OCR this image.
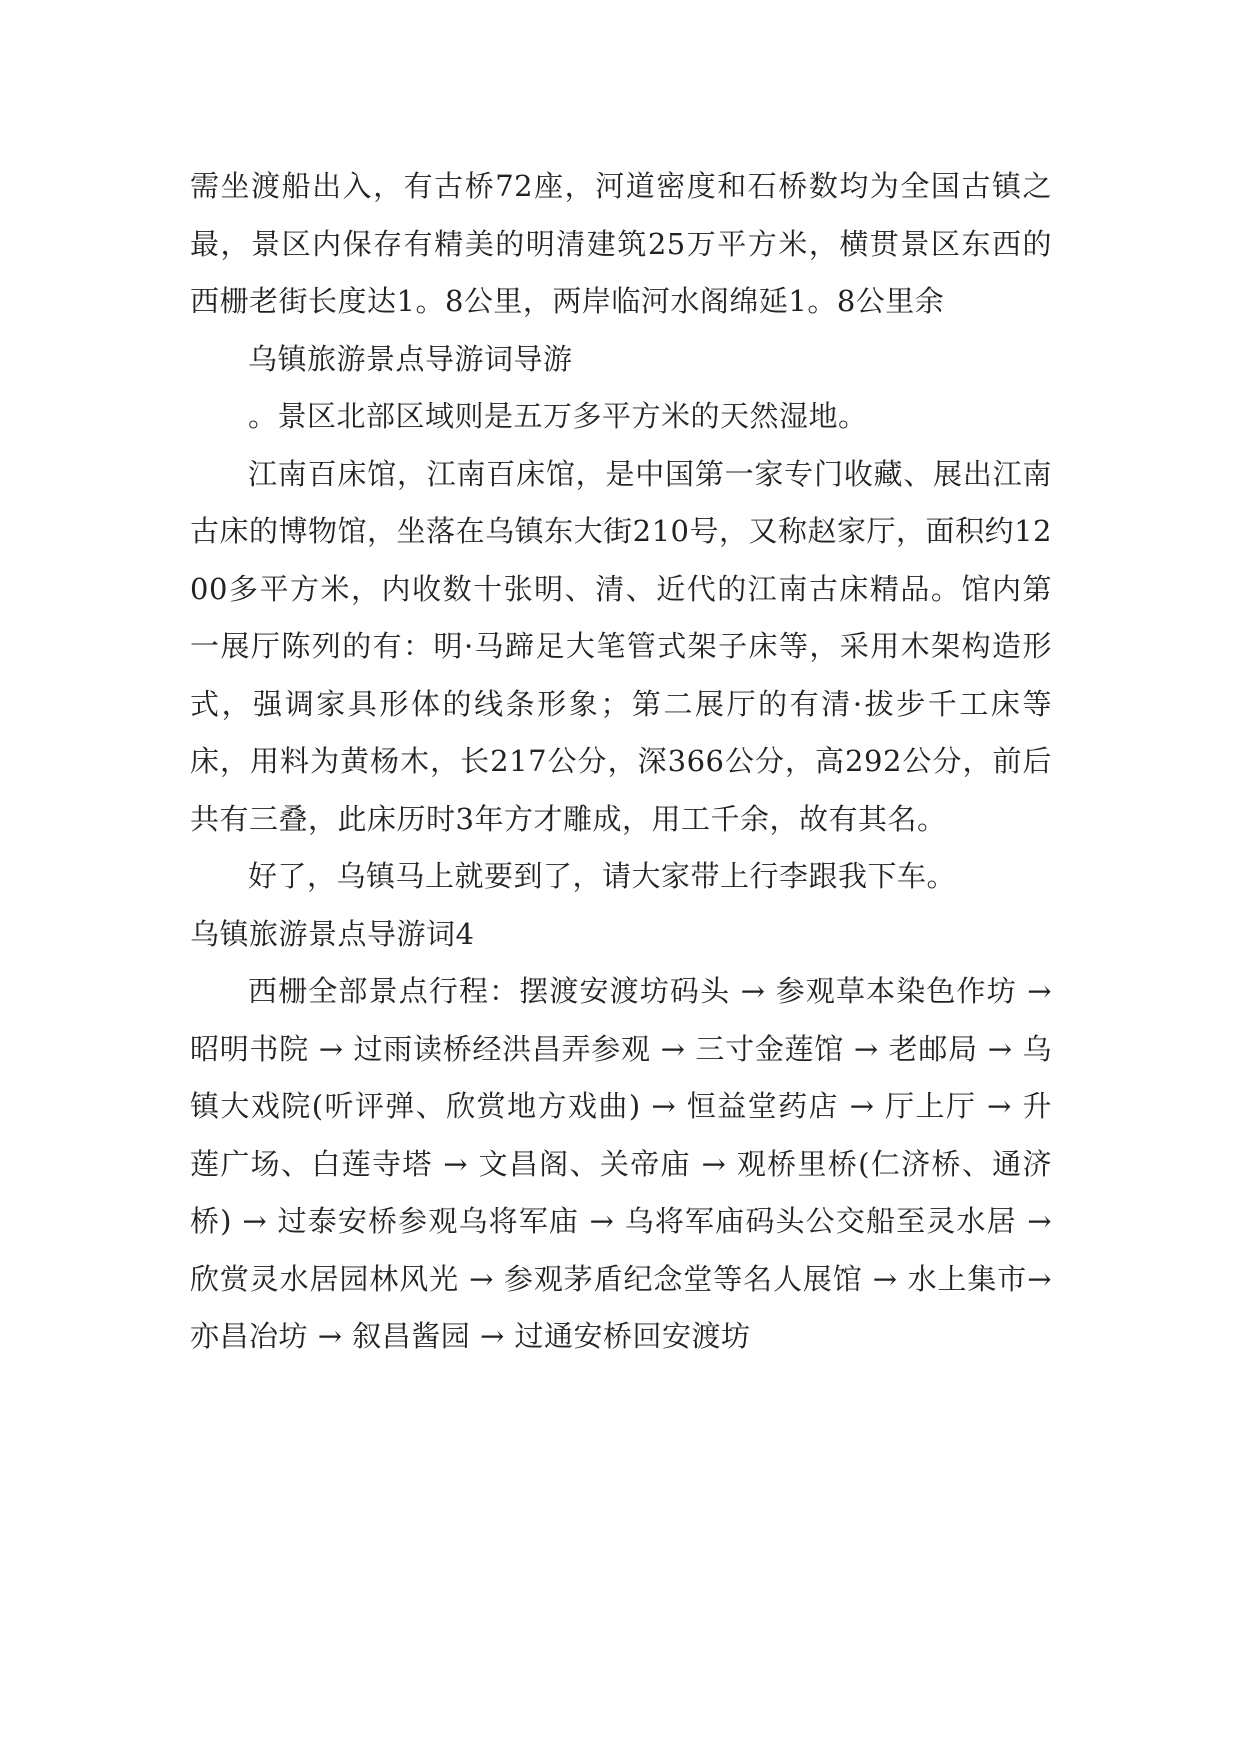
需坐渡船出入，有古桥72座，河道密度和石桥数均为全国古镇之最，景区内保存有精美的明清建筑25万平方米，横贯景区东西的西栅老街长度达1。8公里，两岸临河水阁绵延1。8公里余

乌镇旅游景点导游词导游

。景区北部区域则是五万多平方米的天然湿地。

江南百床馆，江南百床馆，是中国第一家专门收藏、展出江南古床的博物馆，坐落在乌镇东大街210号，又称赵家厅，面积约1200多平方米，内收数十张明、清、近代的江南古床精品。馆内第一展厅陈列的有：明·马蹄足大笔管式架子床等，采用木架构造形式，强调家具形体的线条形象；第二展厅的有清·拔步千工床等床，用料为黄杨木，长217公分，深366公分，高292公分，前后共有三叠，此床历时3年方才雕成，用工千余，故有其名。

好了，乌镇马上就要到了，请大家带上行李跟我下车。

乌镇旅游景点导游词4

西栅全部景点行程：摆渡安渡坊码头 → 参观草本染色作坊 → 昭明书院 → 过雨读桥经洪昌弄参观 → 三寸金莲馆 → 老邮局 → 乌镇大戏院(听评弹、欣赏地方戏曲) → 恒益堂药店 → 厅上厅 → 升莲广场、白莲寺塔 → 文昌阁、关帝庙 → 观桥里桥(仁济桥、通济桥) → 过泰安桥参观乌将军庙 → 乌将军庙码头公交船至灵水居 → 欣赏灵水居园林风光 → 参观茅盾纪念堂等名人展馆 → 水上集市→ 亦昌冶坊 → 叙昌酱园 → 过通安桥回安渡坊
